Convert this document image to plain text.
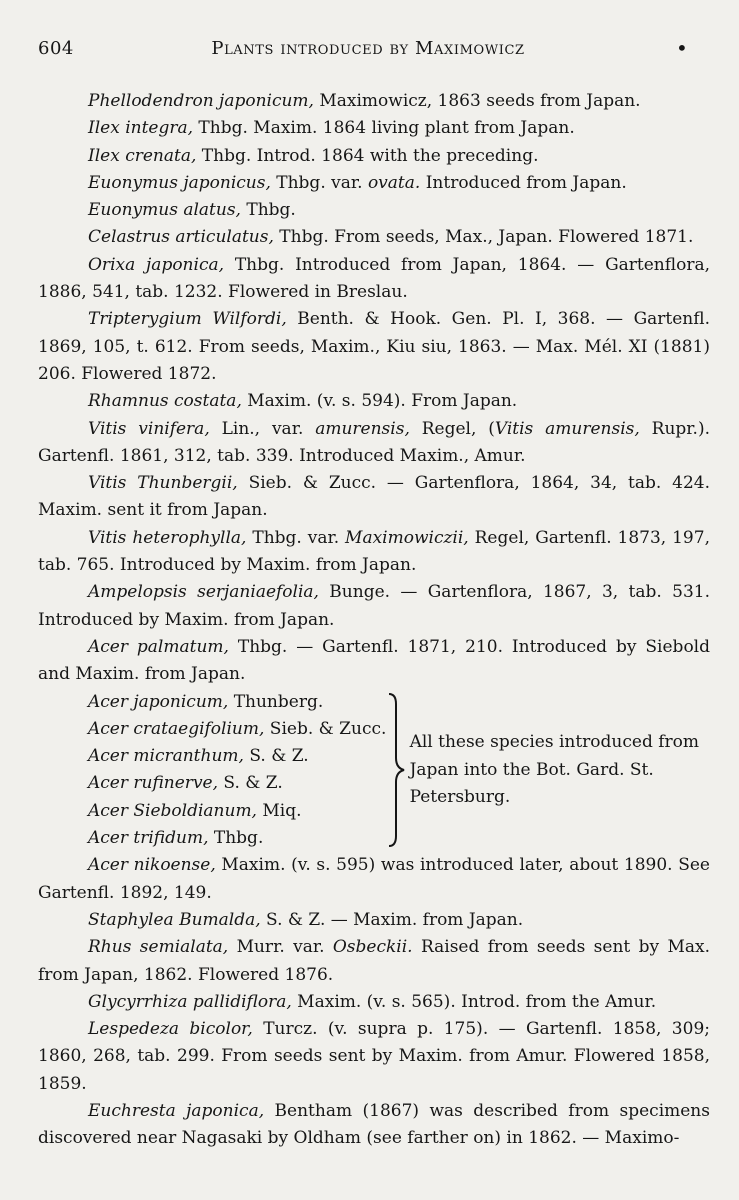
604	Plants introduced by Maximowicz	•

Phellodendron japonicum, Maximowicz, 1863 seeds from Japan.

Ilex integra, Thbg. Maxim. 1864 living plant from Japan.

Ilex crenata, Thbg. Introd. 1864 with the preceding.

Euonymus japonicus, Thbg. var. ovata. Introduced from Japan.

Euonymus alatus, Thbg.

Celastrus articulatus, Thbg. From seeds, Max., Japan. Flowered 1871.

Orixa japonica, Thbg. Introduced from Japan, 1864. — Gartenflora, 1886, 541, tab. 1232. Flowered in Breslau.

Tripterygium Wilfordi, Benth. & Hook. Gen. Pl. I, 368. — Gartenfl. 1869, 105, t. 612. From seeds, Maxim., Kiu siu, 1863. — Max. Mél. XI (1881) 206. Flowered 1872.

Rhamnus costata, Maxim. (v. s. 594). From Japan.

Vitis vinifera, Lin., var. amurensis, Regel, (Vitis amurensis, Rupr.). Gartenfl. 1861, 312, tab. 339. Introduced Maxim., Amur.

Vitis Thunbergii, Sieb. & Zucc. — Gartenflora, 1864, 34, tab. 424. Maxim. sent it from Japan.

Vitis heterophylla, Thbg. var. Maximowiczii, Regel, Gartenfl. 1873, 197, tab. 765. Introduced by Maxim. from Japan.

Ampelopsis serjaniaefolia, Bunge. — Gartenflora, 1867, 3, tab. 531. Introduced by Maxim. from Japan.

Acer palmatum, Thbg. — Gartenfl. 1871, 210. Introduced by Siebold and Maxim. from Japan.

Acer japonicum, Thunberg.
Acer crataegifolium, Sieb. & Zucc.
Acer micranthum, S. & Z.
Acer rufinerve, S. & Z.
Acer Sieboldianum, Miq.
Acer trifidum, Thbg.
All these species introduced from Japan into the Bot. Gard. St. Petersburg.

Acer nikoense, Maxim. (v. s. 595) was introduced later, about 1890. See Gartenfl. 1892, 149.

Staphylea Bumalda, S. & Z. — Maxim. from Japan.

Rhus semialata, Murr. var. Osbeckii. Raised from seeds sent by Max. from Japan, 1862. Flowered 1876.

Glycyrrhiza pallidiflora, Maxim. (v. s. 565). Introd. from the Amur.

Lespedeza bicolor, Turcz. (v. supra p. 175). — Gartenfl. 1858, 309; 1860, 268, tab. 299. From seeds sent by Maxim. from Amur. Flowered 1858, 1859.

Euchresta japonica, Bentham (1867) was described from specimens discovered near Nagasaki by Oldham (see farther on) in 1862. — Maximo-
